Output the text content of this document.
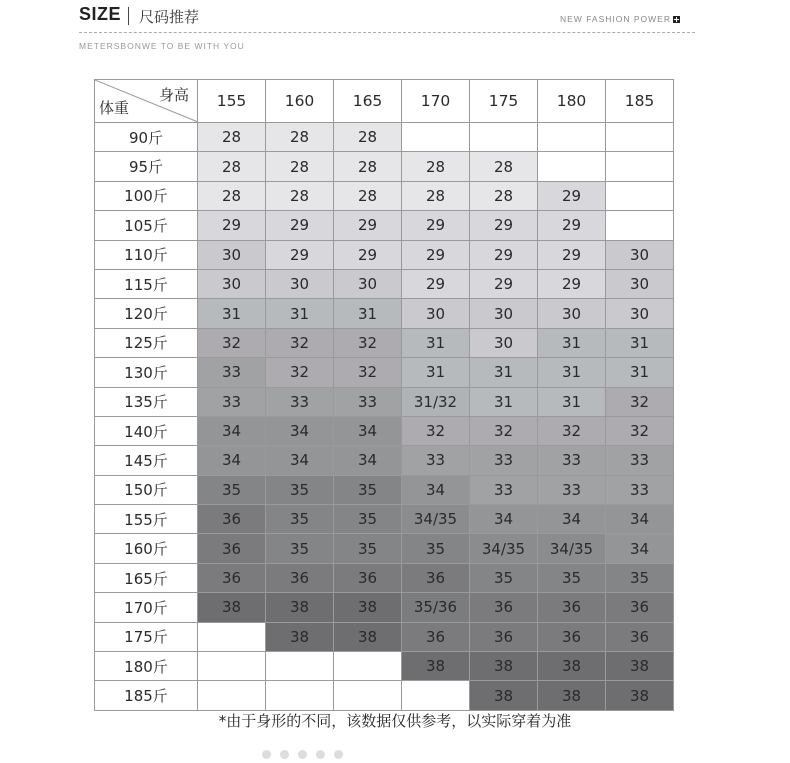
SIZE 尺码推荐	NEW FASHION POWER
METERSBONWE TO BE WITH YOU
身高
体重	155	160	165	170	175	180	185
90斤	28	28	28				
95斤	28	28	28	28	28		
100斤	28	28	28	28	28	29	
105斤	29	29	29	29	29	29	
110斤	30	29	29	29	29	29	30
115斤	30	30	30	29	29	29	30
120斤	31	31	31	30	30	30	30
125斤	32	32	32	31	30	31	31
130斤	33	32	32	31	31	31	31
135斤	33	33	33	31/32	31	31	32
140斤	34	34	34	32	32	32	32
145斤	34	34	34	33	33	33	33
150斤	35	35	35	34	33	33	33
155斤	36	35	35	34/35	34	34	34
160斤	36	35	35	35	34/35	34/35	34
165斤	36	36	36	36	35	35	35
170斤	38	38	38	35/36	36	36	36
175斤		38	38	36	36	36	36
180斤				38	38	38	38
185斤					38	38	38
*由于身形的不同，该数据仅供参考，以实际穿着为准
